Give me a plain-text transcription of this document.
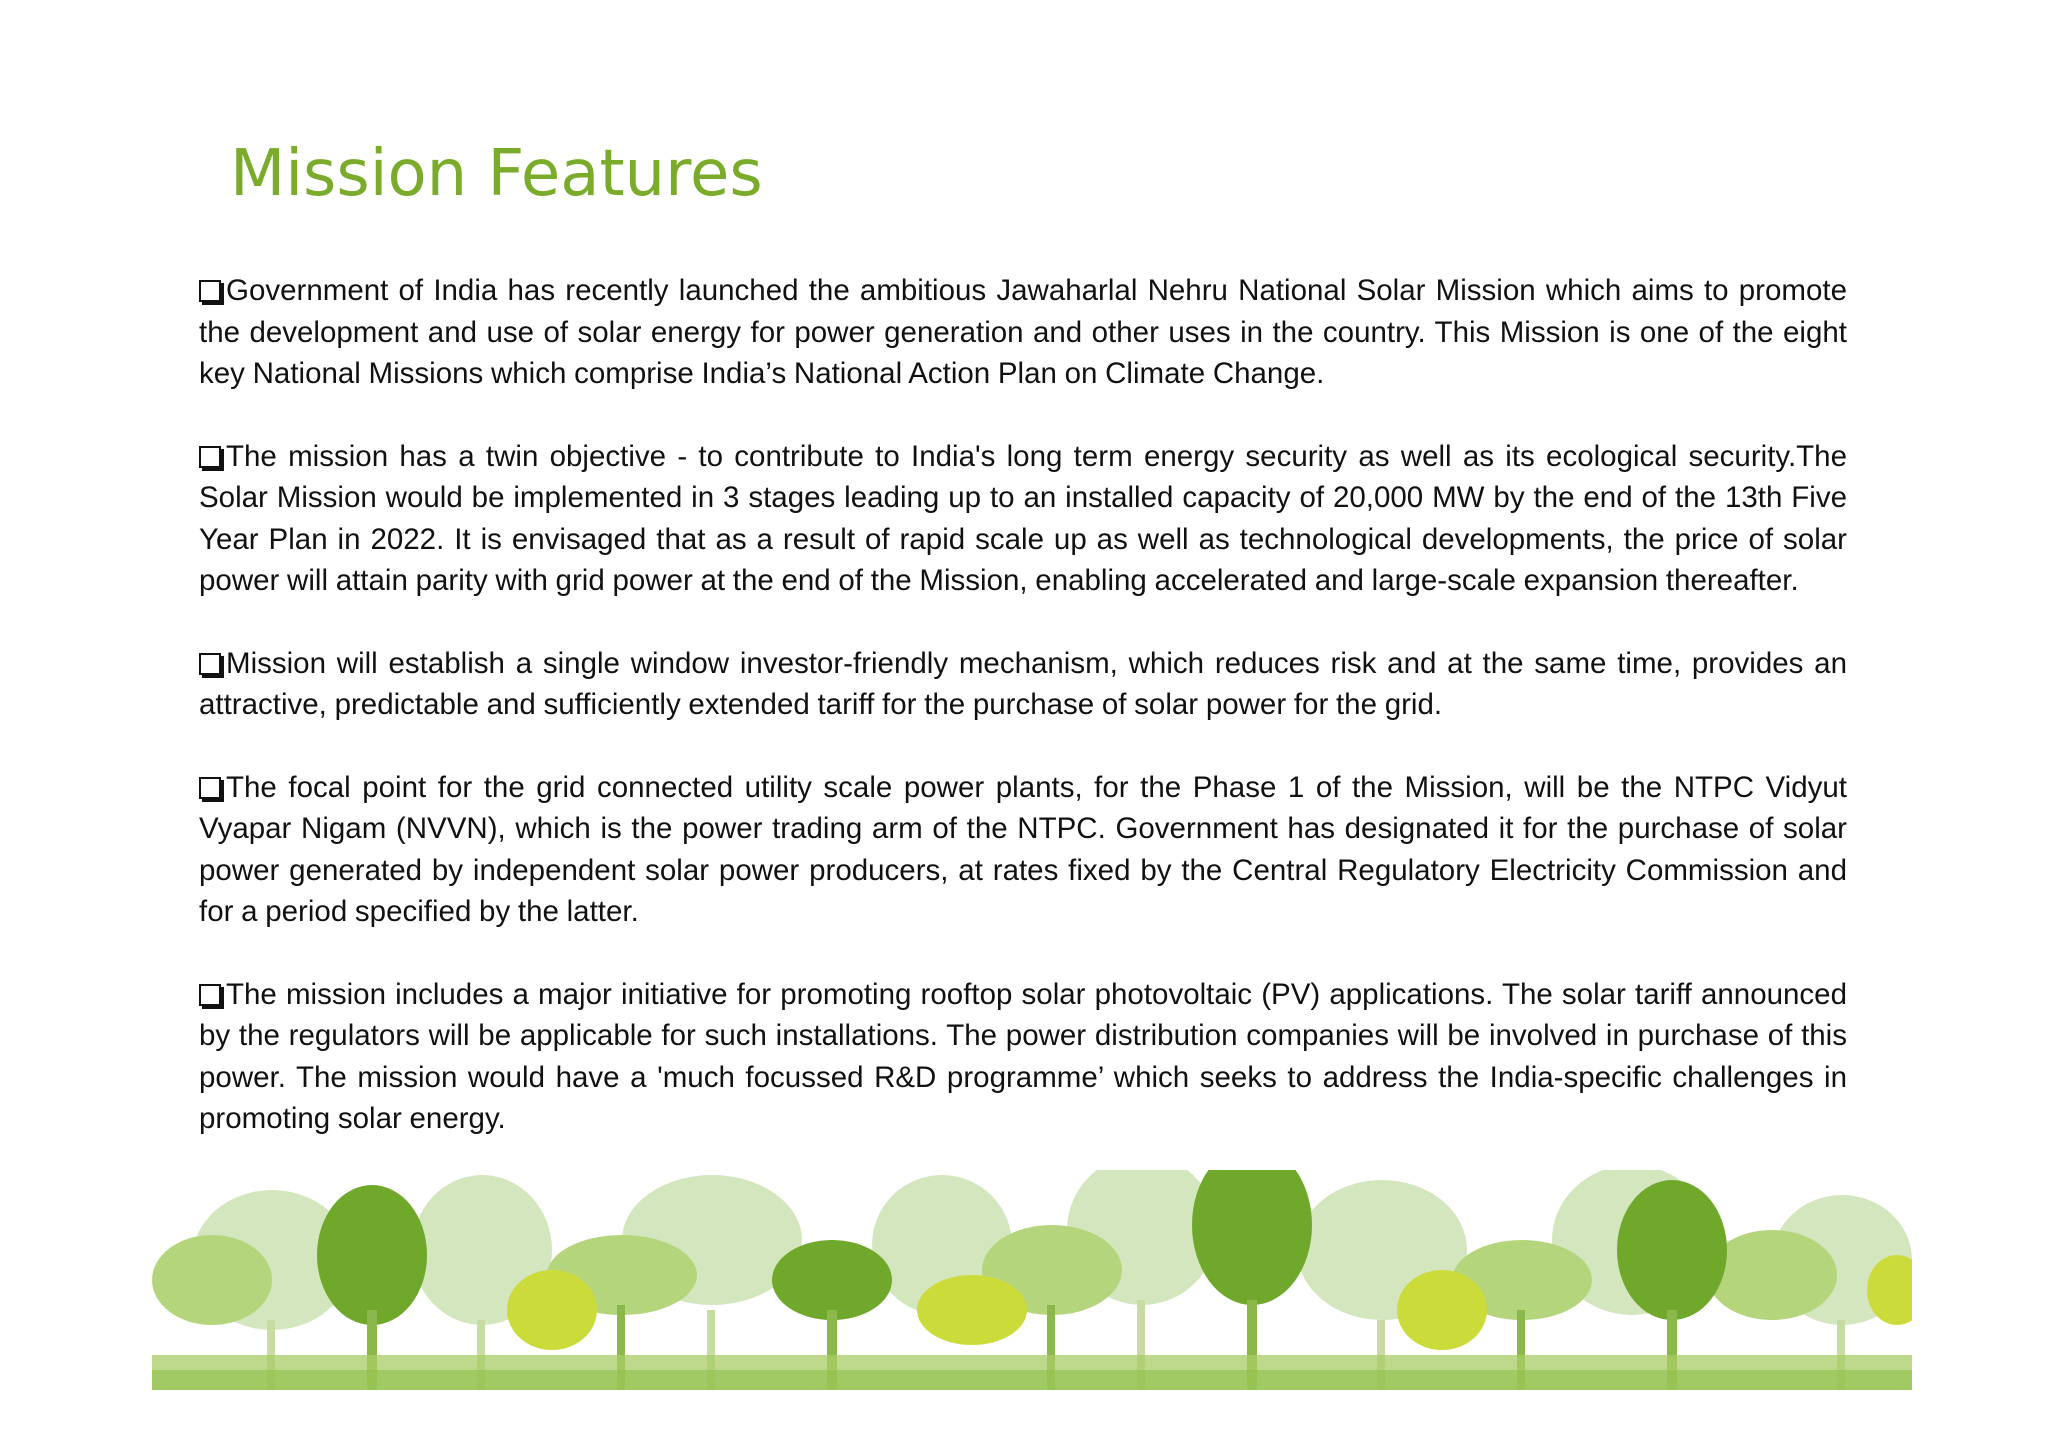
Mission Features

Government of India has recently launched the ambitious Jawaharlal Nehru National Solar Mission which aims to promote the development and use of solar energy for power generation and other uses in the country. This Mission is one of the eight key National Missions which comprise India’s National Action Plan on Climate Change.

The mission has a twin objective - to contribute to India's long term energy security as well as its ecological security.The Solar Mission would be implemented in 3 stages leading up to an installed capacity of 20,000 MW by the end of the 13th Five Year Plan in 2022. It is envisaged that as a result of rapid scale up as well as technological developments, the price of solar power will attain parity with grid power at the end of the Mission, enabling accelerated and large-scale expansion thereafter.

Mission will establish a single window investor-friendly mechanism, which reduces risk and at the same time, provides an attractive, predictable and sufficiently extended tariff for the purchase of solar power for the grid.

The focal point for the grid connected utility scale power plants, for the Phase 1 of the Mission, will be the NTPC Vidyut Vyapar Nigam (NVVN), which is the power trading arm of the NTPC. Government has designated it for the purchase of solar power generated by independent solar power producers, at rates fixed by the Central Regulatory Electricity Commission and for a period specified by the latter.

The mission includes a major initiative for promoting rooftop solar photovoltaic (PV) applications. The solar tariff announced by the regulators will be applicable for such installations. The power distribution companies will be involved in purchase of this power. The mission would have a 'much focussed R&D programme’ which seeks to address the India-specific challenges in promoting solar energy.
